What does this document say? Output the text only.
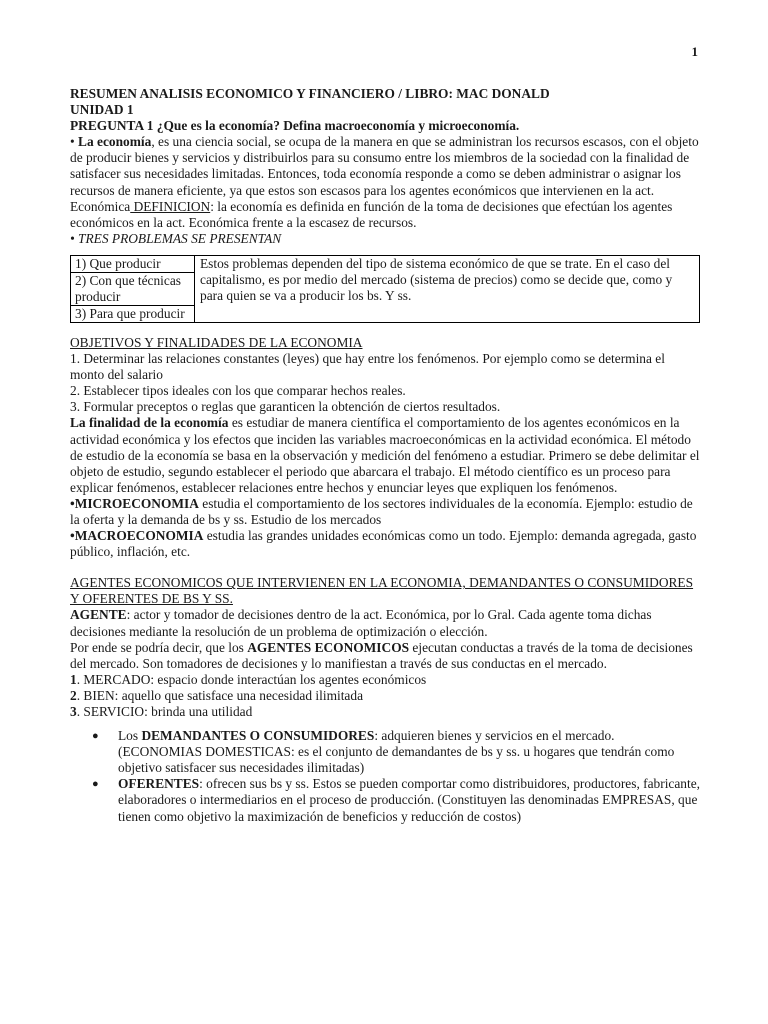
1

RESUMEN ANALISIS ECONOMICO Y FINANCIERO / LIBRO: MAC DONALD

UNIDAD 1

PREGUNTA 1 ¿Que es la economía? Defina macroeconomía y microeconomía.

• La economía, es una ciencia social, se ocupa de la manera en que se administran los recursos escasos, con el objeto de producir bienes y servicios y distribuirlos para su consumo entre los miembros de la sociedad con la finalidad de satisfacer sus necesidades limitadas. Entonces, toda economía responde a como se deben administrar o asignar los recursos de manera eficiente, ya que estos son escasos para los agentes económicos que intervienen en la act. Económica DEFINICION: la economía es definida en función de la toma de decisiones que efectúan los agentes económicos en la act. Económica frente a la escasez de recursos.

• TRES PROBLEMAS SE PRESENTAN

1) Que producir	Estos problemas dependen del tipo de sistema económico de que se trate. En el caso del capitalismo, es por medio del mercado (sistema de precios) como se decide que, como y para quien se va a producir los bs. Y ss.
2) Con que técnicas producir
3) Para que producir

OBJETIVOS Y FINALIDADES DE LA ECONOMIA

1. Determinar las relaciones constantes (leyes) que hay entre los fenómenos. Por ejemplo como se determina el monto del salario

2. Establecer tipos ideales con los que comparar hechos reales.

3. Formular preceptos o reglas que garanticen la obtención de ciertos resultados.

La finalidad de la economía es estudiar de manera científica el comportamiento de los agentes económicos en la actividad económica y los efectos que inciden las variables macroeconómicas en la actividad económica. El método de estudio de la economía se basa en la observación y medición del fenómeno a estudiar. Primero se debe delimitar el objeto de estudio, segundo establecer el periodo que abarcara el trabajo. El método científico es un proceso para explicar fenómenos, establecer relaciones entre hechos y enunciar leyes que expliquen los fenómenos.

•MICROECONOMIA estudia el comportamiento de los sectores individuales de la economía. Ejemplo: estudio de la oferta y la demanda de bs y ss. Estudio de los mercados

•MACROECONOMIA estudia las grandes unidades económicas como un todo. Ejemplo: demanda agregada, gasto público, inflación, etc.

AGENTES ECONOMICOS QUE INTERVIENEN EN LA ECONOMIA, DEMANDANTES O CONSUMIDORES Y OFERENTES DE BS Y SS.

AGENTE: actor y tomador de decisiones dentro de la act. Económica, por lo Gral. Cada agente toma dichas decisiones mediante la resolución de un problema de optimización o elección.

Por ende se podría decir, que los AGENTES ECONOMICOS ejecutan conductas a través de la toma de decisiones del mercado. Son tomadores de decisiones y lo manifiestan a través de sus conductas en el mercado.

1. MERCADO: espacio donde interactúan los agentes económicos

2. BIEN: aquello que satisface una necesidad ilimitada

3. SERVICIO: brinda una utilidad

● Los DEMANDANTES O CONSUMIDORES: adquieren bienes y servicios en el mercado. (ECONOMIAS DOMESTICAS: es el conjunto de demandantes de bs y ss. u hogares que tendrán como objetivo satisfacer sus necesidades ilimitadas)
● OFERENTES: ofrecen sus bs y ss. Estos se pueden comportar como distribuidores, productores, fabricante, elaboradores o intermediarios en el proceso de producción. (Constituyen las denominadas EMPRESAS, que tienen como objetivo la maximización de beneficios y reducción de costos)
